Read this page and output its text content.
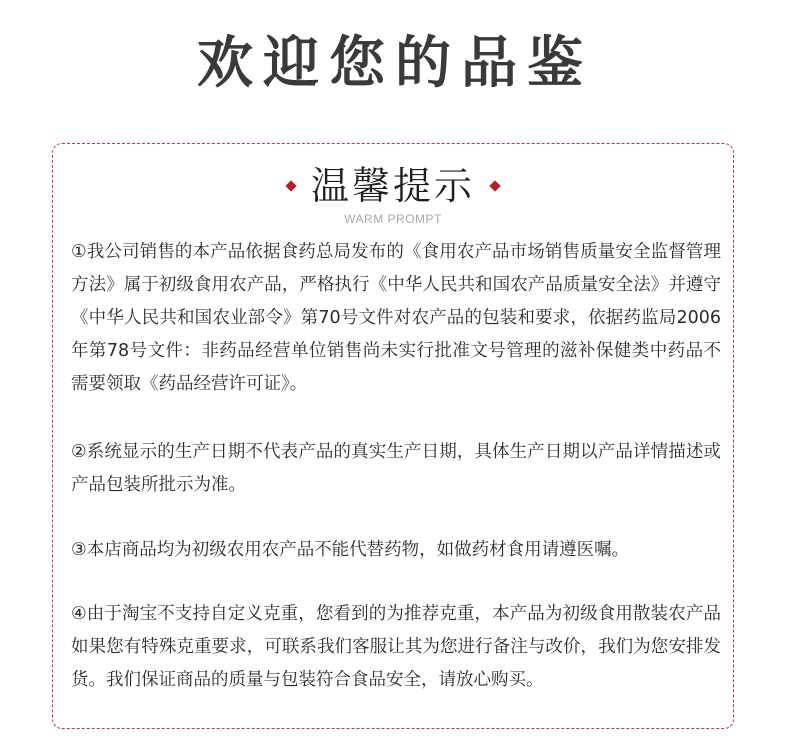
欢迎您的品鉴
温馨提示
WARM PROMPT

①我公司销售的本产品依据食药总局发布的《食用农产品市场销售质量安全监督管理方法》属于初级食用农产品，严格执行《中华人民共和国农产品质量安全法》并遵守《中华人民共和国农业部令》第70号文件对农产品的包装和要求，依据药监局2006年第78号文件：非药品经营单位销售尚未实行批准文号管理的滋补保健类中药品不需要领取《药品经营许可证》。

②系统显示的生产日期不代表产品的真实生产日期，具体生产日期以产品详情描述或产品包装所批示为准。

③本店商品均为初级农用农产品不能代替药物，如做药材食用请遵医嘱。

④由于淘宝不支持自定义克重，您看到的为推荐克重，本产品为初级食用散装农产品如果您有特殊克重要求，可联系我们客服让其为您进行备注与改价，我们为您安排发货。我们保证商品的质量与包装符合食品安全，请放心购买。
